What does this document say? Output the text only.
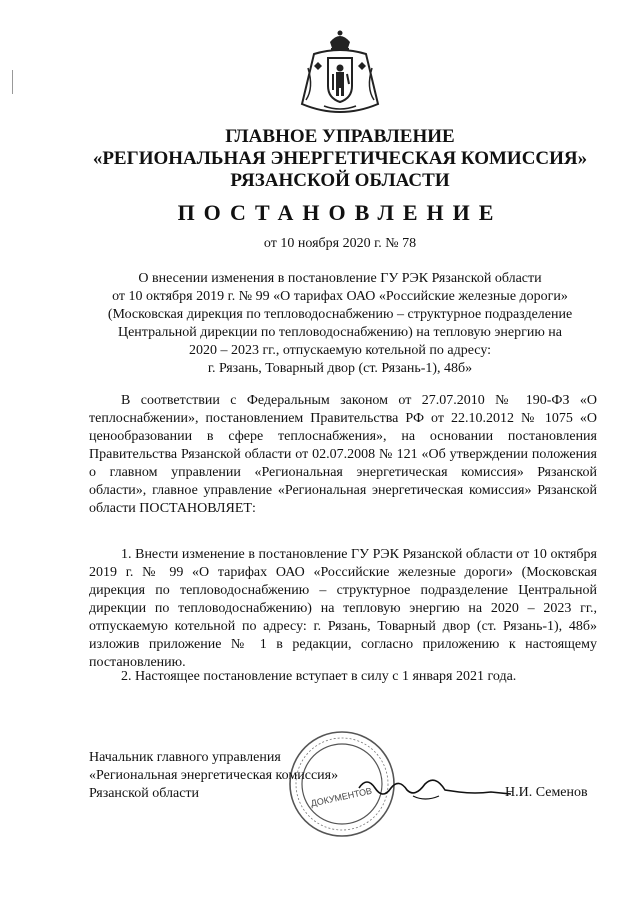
ГЛАВНОЕ УПРАВЛЕНИЕ
«РЕГИОНАЛЬНАЯ ЭНЕРГЕТИЧЕСКАЯ КОМИССИЯ»
РЯЗАНСКОЙ ОБЛАСТИ
ПОСТАНОВЛЕНИЕ
от 10 ноября 2020 г. № 78
О внесении изменения в постановление ГУ РЭК Рязанской области
от 10 октября 2019 г. № 99 «О тарифах ОАО «Российские железные дороги»
(Московская дирекция по тепловодоснабжению – структурное подразделение
Центральной дирекции по тепловодоснабжению) на тепловую энергию на
2020 – 2023 гг., отпускаемую котельной по адресу:
г. Рязань, Товарный двор (ст. Рязань-1), 48б»

В соответствии с Федеральным законом от 27.07.2010 № 190-ФЗ «О теплоснабжении», постановлением Правительства РФ от 22.10.2012 № 1075 «О ценообразовании в сфере теплоснабжения», на основании постановления Правительства Рязанской области от 02.07.2008 № 121 «Об утверждении положения о главном управлении «Региональная энергетическая комиссия» Рязанской области», главное управление «Региональная энергетическая комиссия» Рязанской области ПОСТАНОВЛЯЕТ:

1. Внести изменение в постановление ГУ РЭК Рязанской области от 10 октября 2019 г. № 99 «О тарифах ОАО «Российские железные дороги» (Московская дирекция по тепловодоснабжению – структурное подразделение Центральной дирекции по тепловодоснабжению) на тепловую энергию на 2020 – 2023 гг., отпускаемую котельной по адресу: г. Рязань, Товарный двор (ст. Рязань-1), 48б» изложив приложение № 1 в редакции, согласно приложению к настоящему постановлению.

2. Настоящее постановление вступает в силу с 1 января 2021 года.

ДОКУМЕНТОВ
Начальник главного управления
«Региональная энергетическая комиссия»
Рязанской области	Н.И. Семенов
